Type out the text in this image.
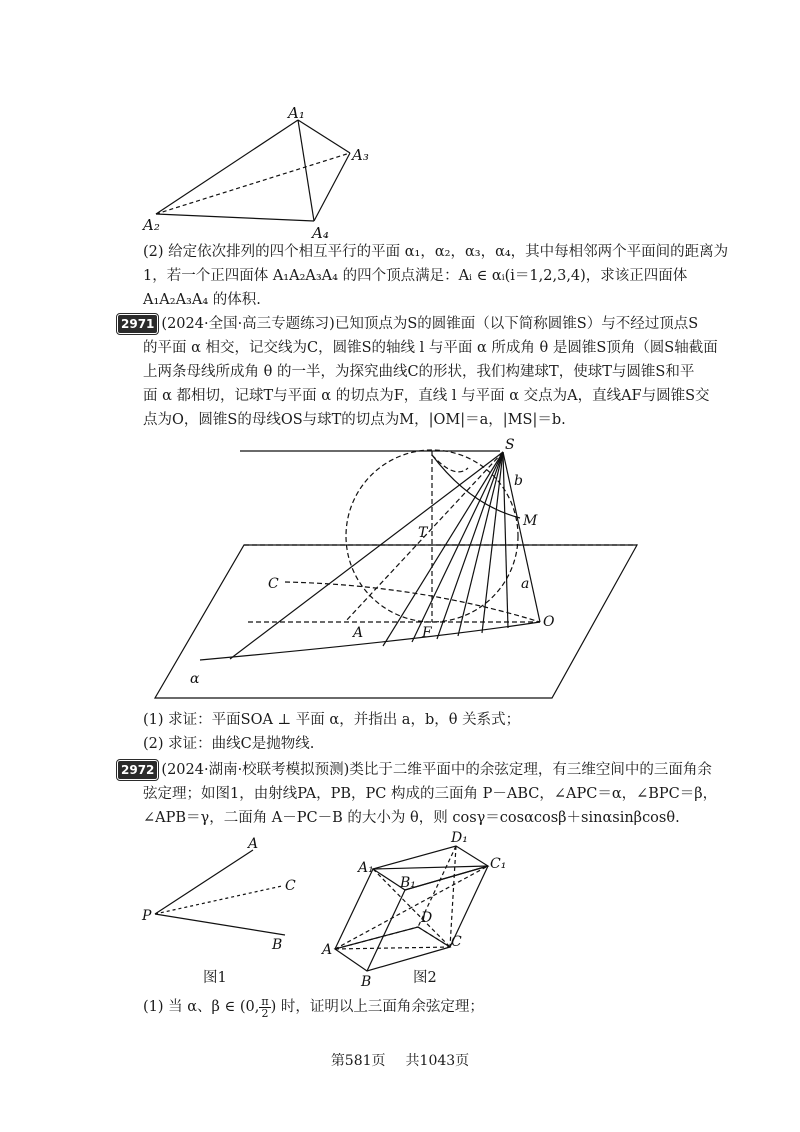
A₁
A₂
A₃
A₄
(2) 给定依次排列的四个相互平行的平面 α₁，α₂，α₃，α₄，其中每相邻两个平面间的距离为
1，若一个正四面体 A₁A₂A₃A₄ 的四个顶点满足：Aᵢ ∈ αᵢ(i＝1,2,3,4)，求该正四面体
A₁A₂A₃A₄ 的体积.
2971 (2024·全国·高三专题练习)已知顶点为S的圆锥面（以下简称圆锥S）与不经过顶点S
的平面 α 相交，记交线为C，圆锥S的轴线 l 与平面 α 所成角 θ 是圆锥S顶角（圆S轴截面
上两条母线所成角 θ 的一半，为探究曲线C的形状，我们构建球T，使球T与圆锥S和平
面 α 都相切，记球T与平面 α 的切点为F，直线 l 与平面 α 交点为A，直线AF与圆锥S交
点为O，圆锥S的母线OS与球T的切点为M，|OM|＝a，|MS|＝b.
S
b
M
T
C	a
A	F
O
α
(1) 求证：平面SOA ⊥ 平面 α，并指出 a，b，θ 关系式；
(2) 求证：曲线C是抛物线.
2972 (2024·湖南·校联考模拟预测)类比于二维平面中的余弦定理，有三维空间中的三面角余
弦定理；如图1，由射线PA，PB，PC 构成的三面角 P－ABC，∠APC＝α，∠BPC＝β，
∠APB＝γ，二面角 A－PC－B 的大小为 θ，则 cosγ＝cosαcosβ＋sinαsinβcosθ.
A
C
P
B
D₁
A₁
B₁
C₁
D
A	C
B
图1	图2
(1) 当 α、β ∈ (0, $\frac{\pi}{2}$ ) 时，证明以上三面角余弦定理；
第581页 共1043页
